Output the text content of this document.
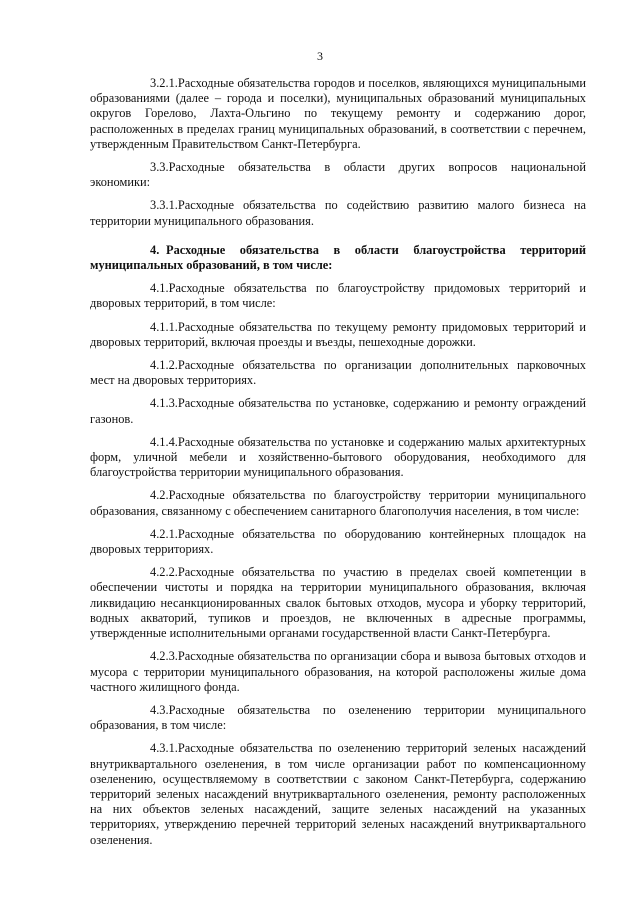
3

3.2.1.Расходные обязательства городов и поселков, являющихся муниципальными образованиями (далее – города и поселки), муниципальных образований муниципальных округов Горелово, Лахта-Ольгино по текущему ремонту и содержанию дорог, расположенных в пределах границ муниципальных образований, в соответствии с перечнем, утвержденным Правительством Санкт-Петербурга.

3.3.Расходные обязательства в области других вопросов национальной экономики:

3.3.1.Расходные обязательства по содействию развитию малого бизнеса на территории муниципального образования.

4. Расходные обязательства в области благоустройства территорий муниципальных образований, в том числе:

4.1.Расходные обязательства по благоустройству придомовых территорий и дворовых территорий, в том числе:

4.1.1.Расходные обязательства по текущему ремонту придомовых территорий и дворовых территорий, включая проезды и въезды, пешеходные дорожки.

4.1.2.Расходные обязательства по организации дополнительных парковочных мест на дворовых территориях.

4.1.3.Расходные обязательства по установке, содержанию и ремонту ограждений газонов.

4.1.4.Расходные обязательства по установке и содержанию малых архитектурных форм, уличной мебели и хозяйственно-бытового оборудования, необходимого для благоустройства территории муниципального образования.

4.2.Расходные обязательства по благоустройству территории муниципального образования, связанному с обеспечением санитарного благополучия населения, в том числе:

4.2.1.Расходные обязательства по оборудованию контейнерных площадок на дворовых территориях.

4.2.2.Расходные обязательства по участию в пределах своей компетенции в обеспечении чистоты и порядка на территории муниципального образования, включая ликвидацию несанкционированных свалок бытовых отходов, мусора и уборку территорий, водных акваторий, тупиков и проездов, не включенных в адресные программы, утвержденные исполнительными органами государственной власти Санкт-Петербурга.

4.2.3.Расходные обязательства по организации сбора и вывоза бытовых отходов и мусора с территории муниципального образования, на которой расположены жилые дома частного жилищного фонда.

4.3.Расходные обязательства по озеленению территории муниципального образования, в том числе:

4.3.1.Расходные обязательства по озеленению территорий зеленых насаждений внутриквартального озеленения, в том числе организации работ по компенсационному озеленению, осуществляемому в соответствии с законом Санкт-Петербурга, содержанию территорий зеленых насаждений внутриквартального озеленения, ремонту расположенных на них объектов зеленых насаждений, защите зеленых насаждений на указанных территориях, утверждению перечней территорий зеленых насаждений внутриквартального озеленения.
